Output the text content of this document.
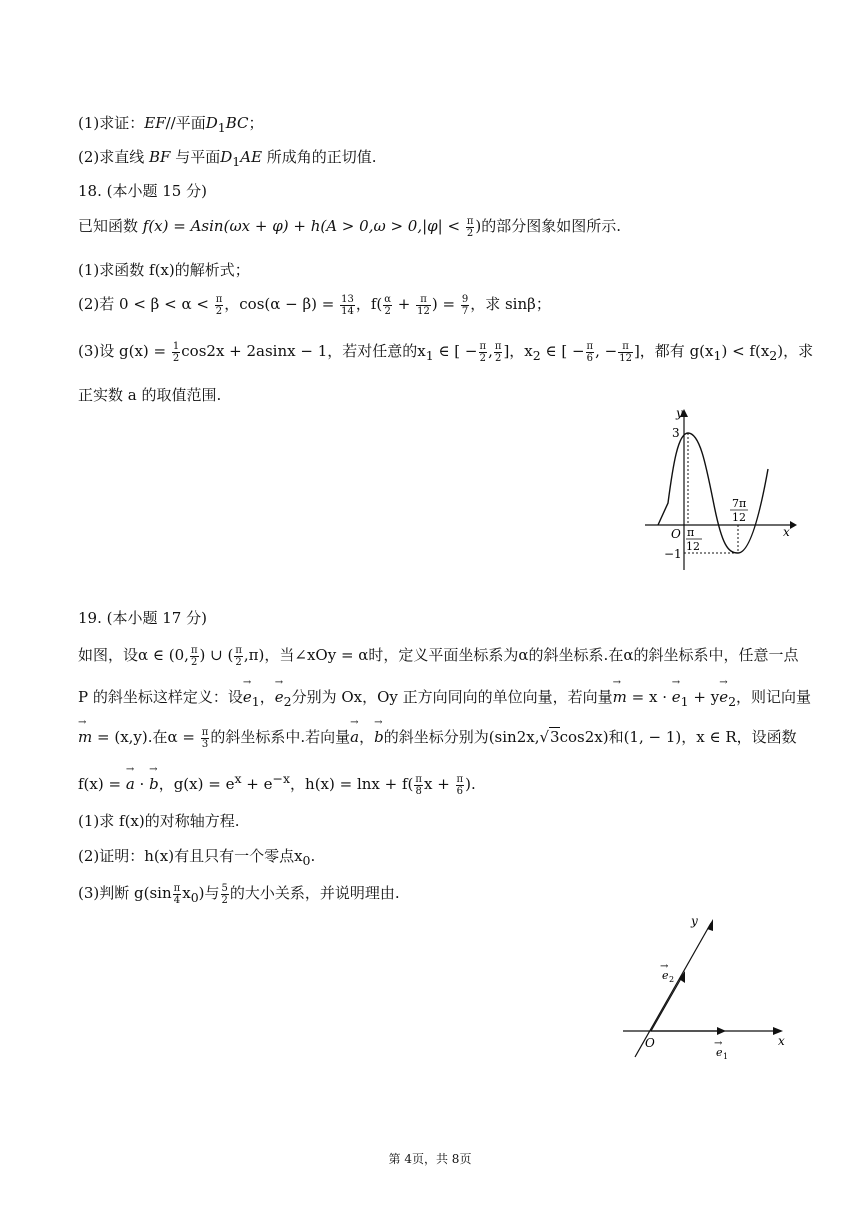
(1)求证：EF//平面$D_1BC$；
(2)求直线 BF 与平面$D_1AE$ 所成角的正切值.
18. (本小题 15 分)
已知函数 $f(x) = Asin(\omega x + \varphi) + h(A > 0,\omega > 0,|\varphi| < \frac{\pi}{2}$ )的部分图象如图所示.
(1)求函数 f(x)的解析式；
(2)若 $0 < \beta < \alpha < \frac{\pi}{2}$ ，$\cos(\alpha - \beta) = \frac{13}{14}$ ，$f( \frac{\alpha}{2} + \frac{\pi}{12}$ ) = $\frac{9}{7}$ ，求 sinβ；
(3)设 $g(x) = \frac{1}{2} \cos 2x + 2asinx - 1$，若对任意的$x_1$ ∈ [ − $\frac{\pi}{2}$ , $\frac{\pi}{2}$ ]，$x_2$ ∈ [ − $\frac{\pi}{6}$ , − $\frac{\pi}{12}$ ]，都有 $g(x_1) < f(x_2)$，求
正实数 a 的取值范围.
y
x
3
−1
O π
12
7π
12
19. (本小题 17 分)
如图，设α ∈ (0, $\frac{\pi}{2}$ ) ∪ ( $\frac{\pi}{2} ,\pi$)，当∠xOy = α时，定义平面坐标系为α的斜坐标系.在α的斜坐标系中，任意一点
P 的斜坐标这样定义：设→ $e_1$，→ $e_2$分别为 Ox，Oy 正方向同向的单位向量，若向量→ m = x · → $e_1 + y\to e_2$，则记向量
→ m = (x,y).在$\alpha = \frac{\pi}{3}$ 的斜坐标系中.若向量→ a，→ b的斜坐标分别为(sin2x,√3cos2x)和(1, − 1)，x ∈ R，设函数
f(x) = → a · → b，$g(x) = e^x + e^{-x}$，$h(x) = \ln x + f( \frac{\pi}{8}$ $x + \frac{\pi}{6}$ ).
(1)求 f(x)的对称轴方程.
(2)证明：h(x)有且只有一个零点$x_0$.
(3)判断 $g(\sin \frac{\pi}{4} x_0)$与 $\frac{5}{2}$ 的大小关系，并说明理由.
y
x
O	→
e 1
→
e 2
第 4页，共 8页
